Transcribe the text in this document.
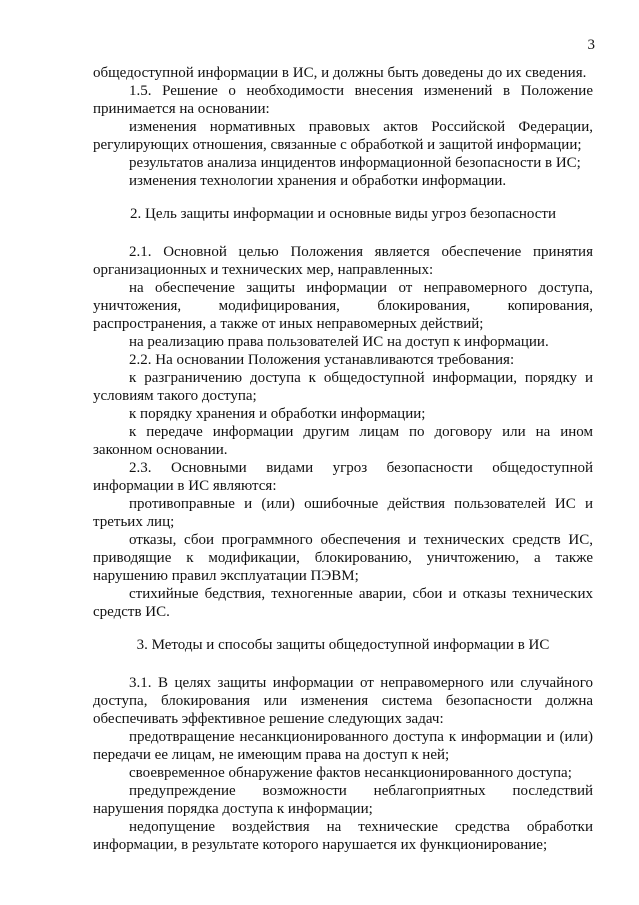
3

общедоступной информации в ИС, и должны быть доведены до их сведения.

1.5. Решение о необходимости внесения изменений в Положение принимается на основании:

изменения нормативных правовых актов Российской Федерации, регулирующих отношения, связанные с обработкой и защитой информации;

результатов анализа инцидентов информационной безопасности в ИС;

изменения технологии хранения и обработки информации.

2. Цель защиты информации и основные виды угроз безопасности

2.1. Основной целью Положения является обеспечение принятия организационных и технических мер, направленных:

на обеспечение защиты информации от неправомерного доступа, уничтожения, модифицирования, блокирования, копирования, распространения, а также от иных неправомерных действий;

на реализацию права пользователей ИС на доступ к информации.

2.2. На основании Положения устанавливаются требования:

к разграничению доступа к общедоступной информации, порядку и условиям такого доступа;

к порядку хранения и обработки информации;

к передаче информации другим лицам по договору или на ином законном основании.

2.3. Основными видами угроз безопасности общедоступной информации в ИС являются:

противоправные и (или) ошибочные действия пользователей ИС и третьих лиц;

отказы, сбои программного обеспечения и технических средств ИС, приводящие к модификации, блокированию, уничтожению, а также нарушению правил эксплуатации ПЭВМ;

стихийные бедствия, техногенные аварии, сбои и отказы технических средств ИС.

3. Методы и способы защиты общедоступной информации в ИС

3.1. В целях защиты информации от неправомерного или случайного доступа, блокирования или изменения система безопасности должна обеспечивать эффективное решение следующих задач:

предотвращение несанкционированного доступа к информации и (или) передачи ее лицам, не имеющим права на доступ к ней;

своевременное обнаружение фактов несанкционированного доступа;

предупреждение возможности неблагоприятных последствий нарушения порядка доступа к информации;

недопущение воздействия на технические средства обработки информации, в результате которого нарушается их функционирование;
